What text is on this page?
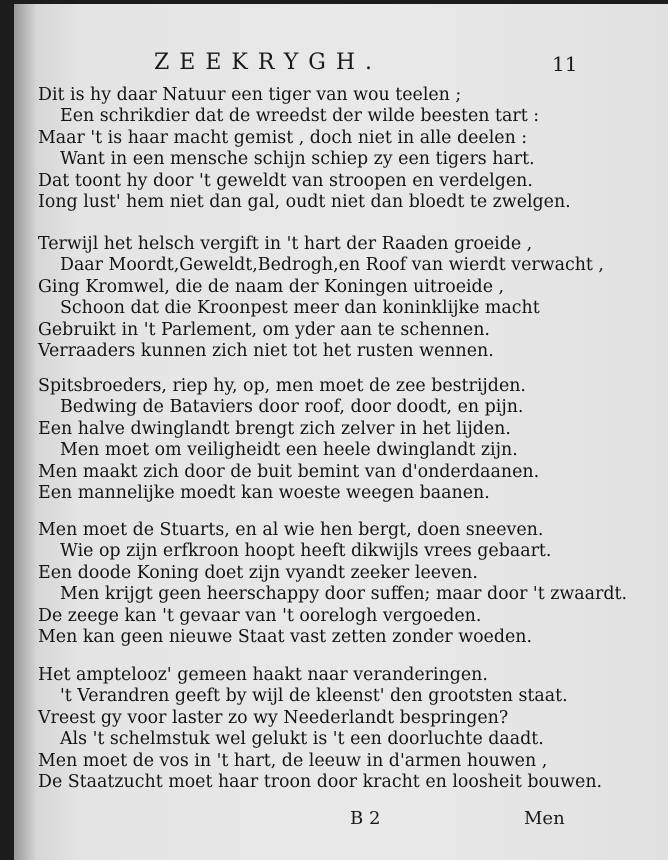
ZEEKRYGH.	11
Dit is hy daar Natuur een tiger van wou teelen ;
Een schrikdier dat de wreedst der wilde beesten tart :
Maar 't is haar macht gemist , doch niet in alle deelen :
Want in een mensche schijn schiep zy een tigers hart.
Dat toont hy door 't geweldt van stroopen en verdelgen.
Iong lust' hem niet dan gal, oudt niet dan bloedt te zwelgen.
Terwijl het helsch vergift in 't hart der Raaden groeide ,
Daar Moordt,Geweldt,Bedrogh,en Roof van wierdt verwacht ,
Ging Kromwel, die de naam der Koningen uitroeide ,
Schoon dat die Kroonpest meer dan koninklijke macht
Gebruikt in 't Parlement, om yder aan te schennen.
Verraaders kunnen zich niet tot het rusten wennen.
Spitsbroeders, riep hy, op, men moet de zee bestrijden.
Bedwing de Bataviers door roof, door doodt, en pijn.
Een halve dwinglandt brengt zich zelver in het lijden.
Men moet om veiligheidt een heele dwinglandt zijn.
Men maakt zich door de buit bemint van d'onderdaanen.
Een mannelijke moedt kan woeste weegen baanen.
Men moet de Stuarts, en al wie hen bergt, doen sneeven.
Wie op zijn erfkroon hoopt heeft dikwijls vrees gebaart.
Een doode Koning doet zijn vyandt zeeker leeven.
Men krijgt geen heerschappy door suffen; maar door 't zwaardt.
De zeege kan 't gevaar van 't oorelogh vergoeden.
Men kan geen nieuwe Staat vast zetten zonder woeden.
Het amptelooz' gemeen haakt naar veranderingen.
't Verandren geeft by wijl de kleenst' den grootsten staat.
Vreest gy voor laster zo wy Neederlandt bespringen?
Als 't schelmstuk wel gelukt is 't een doorluchte daadt.
Men moet de vos in 't hart, de leeuw in d'armen houwen ,
De Staatzucht moet haar troon door kracht en loosheit bouwen.
B 2	Men
